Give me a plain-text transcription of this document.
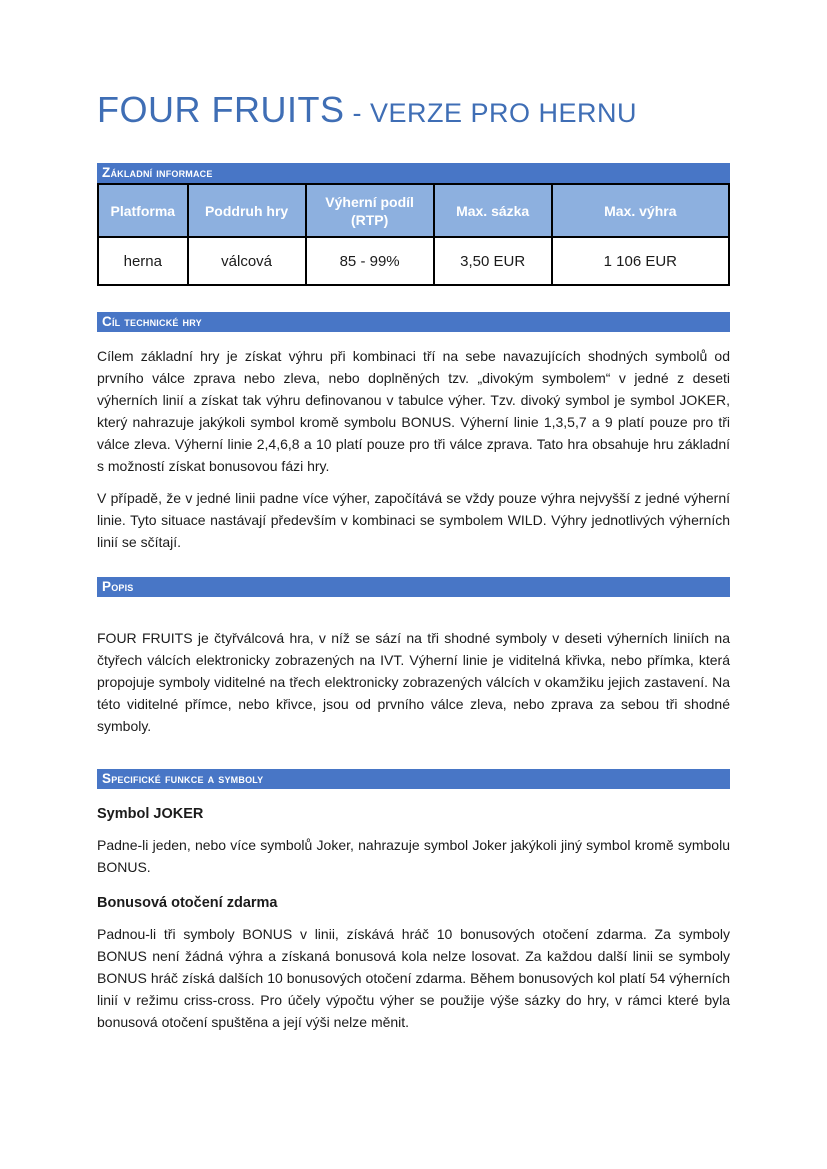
FOUR FRUITS - VERZE PRO HERNU
Základní informace
Platforma	Poddruh hry	Výherní podíl (RTP)	Max. sázka	Max. výhra
herna	válcová	85 - 99%	3,50 EUR	1 106 EUR
Cíl technické hry

Cílem základní hry je získat výhru při kombinaci tří na sebe navazujících shodných symbolů od prvního válce zprava nebo zleva, nebo doplněných tzv. „divokým symbolem“ v jedné z deseti výherních linií a získat tak výhru definovanou v tabulce výher. Tzv. divoký symbol je symbol JOKER, který nahrazuje jakýkoli symbol kromě symbolu BONUS. Výherní linie 1,3,5,7 a 9 platí pouze pro tři válce zleva. Výherní linie 2,4,6,8 a 10 platí pouze pro tři válce zprava. Tato hra obsahuje hru základní s možností získat bonusovou fázi hry.

V případě, že v jedné linii padne více výher, započítává se vždy pouze výhra nejvyšší z jedné výherní linie. Tyto situace nastávají především v kombinaci se symbolem WILD. Výhry jednotlivých výherních linií se sčítají.

Popis

FOUR FRUITS je čtyřválcová hra, v níž se sází na tři shodné symboly v deseti výherních liniích na čtyřech válcích elektronicky zobrazených na IVT. Výherní linie je viditelná křivka, nebo přímka, která propojuje symboly viditelné na třech elektronicky zobrazených válcích v okamžiku jejich zastavení. Na této viditelné přímce, nebo křivce, jsou od prvního válce zleva, nebo zprava za sebou tři shodné symboly.

Specifické funkce a symboly
Symbol JOKER

Padne-li jeden, nebo více symbolů Joker, nahrazuje symbol Joker jakýkoli jiný symbol kromě symbolu BONUS.

Bonusová otočení zdarma

Padnou-li tři symboly BONUS v linii, získává hráč 10 bonusových otočení zdarma. Za symboly BONUS není žádná výhra a získaná bonusová kola nelze losovat. Za každou další linii se symboly BONUS hráč získá dalších 10 bonusových otočení zdarma. Během bonusových kol platí 54 výherních linií v režimu criss-cross. Pro účely výpočtu výher se použije výše sázky do hry, v rámci které byla bonusová otočení spuštěna a její výši nelze měnit.
